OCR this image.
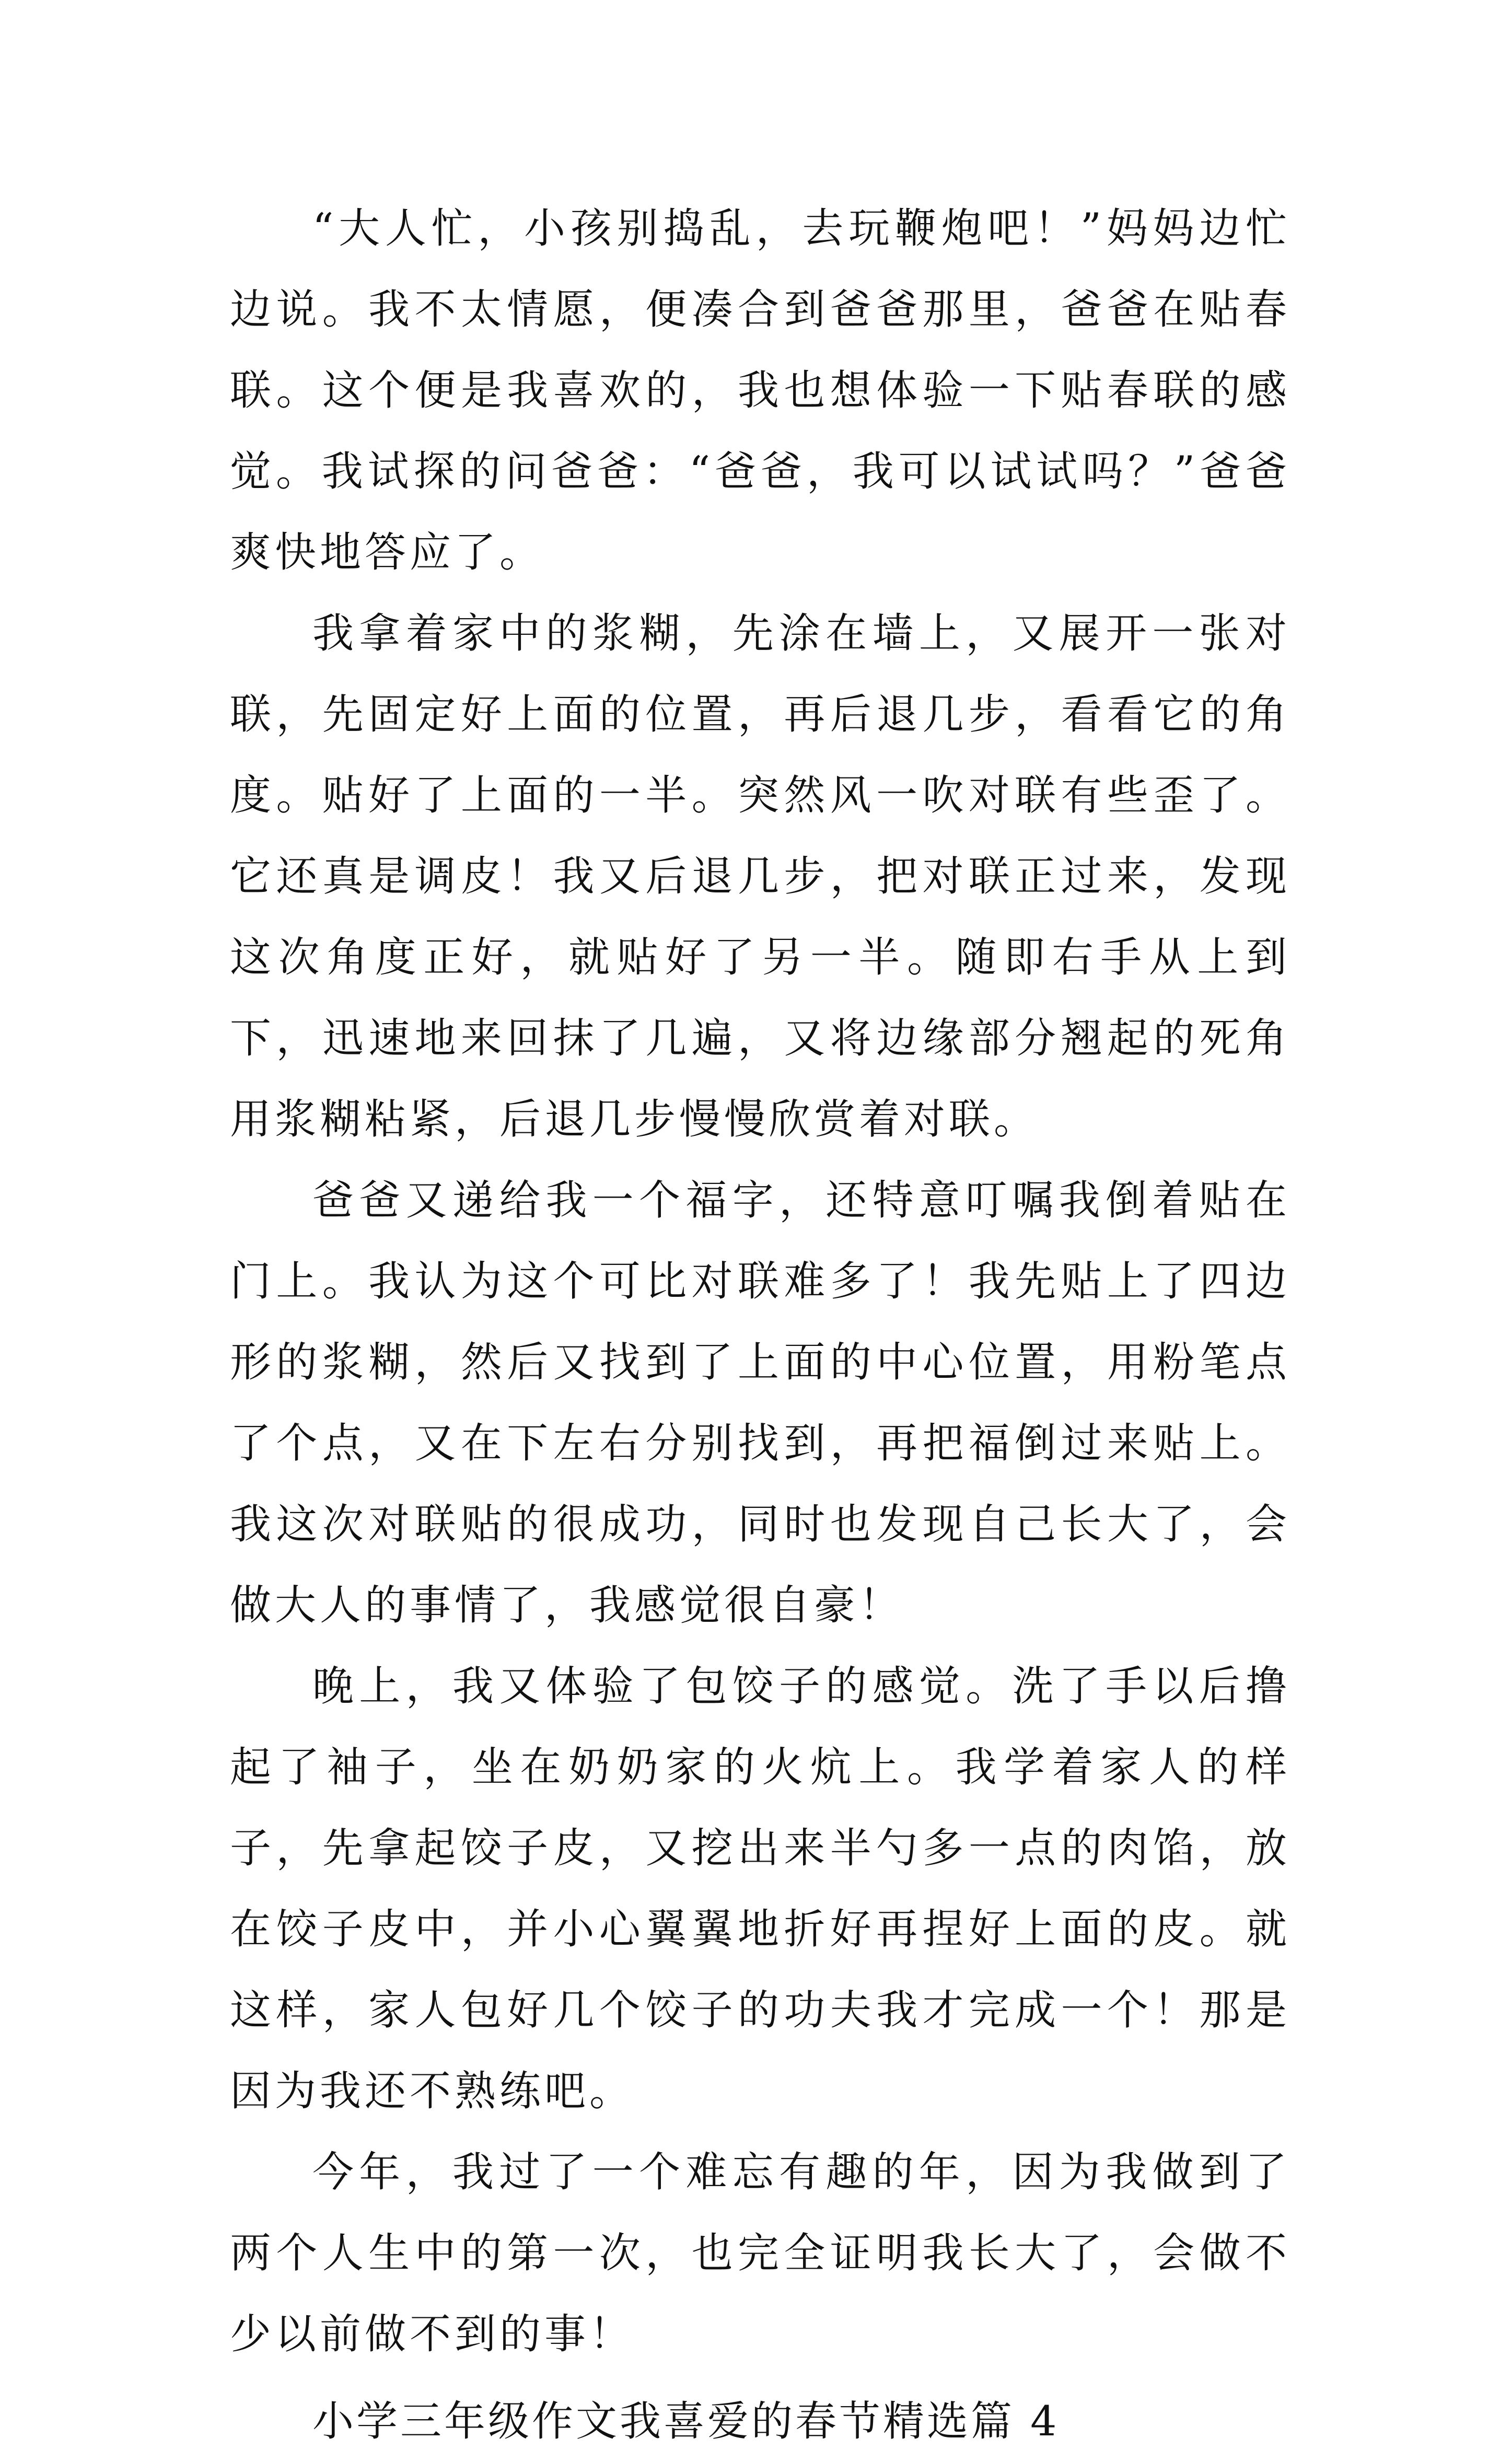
“大人忙，小孩别捣乱，去玩鞭炮吧！”妈妈边忙边说。我不太情愿，便凑合到爸爸那里，爸爸在贴春联。这个便是我喜欢的，我也想体验一下贴春联的感觉。我试探的问爸爸：“爸爸，我可以试试吗？”爸爸爽快地答应了。

我拿着家中的浆糊，先涂在墙上，又展开一张对联，先固定好上面的位置，再后退几步，看看它的角度。贴好了上面的一半。突然风一吹对联有些歪了。它还真是调皮！我又后退几步，把对联正过来，发现这次角度正好，就贴好了另一半。随即右手从上到下，迅速地来回抹了几遍，又将边缘部分翘起的死角用浆糊粘紧，后退几步慢慢欣赏着对联。

爸爸又递给我一个福字，还特意叮嘱我倒着贴在门上。我认为这个可比对联难多了！我先贴上了四边形的浆糊，然后又找到了上面的中心位置，用粉笔点了个点，又在下左右分别找到，再把福倒过来贴上。我这次对联贴的很成功，同时也发现自己长大了，会做大人的事情了，我感觉很自豪！

晚上，我又体验了包饺子的感觉。洗了手以后撸起了袖子，坐在奶奶家的火炕上。我学着家人的样子，先拿起饺子皮，又挖出来半勺多一点的肉馅，放在饺子皮中，并小心翼翼地折好再捏好上面的皮。就这样，家人包好几个饺子的功夫我才完成一个！那是因为我还不熟练吧。

今年，我过了一个难忘有趣的年，因为我做到了两个人生中的第一次，也完全证明我长大了，会做不少以前做不到的事！

小学三年级作文我喜爱的春节精选篇 4
